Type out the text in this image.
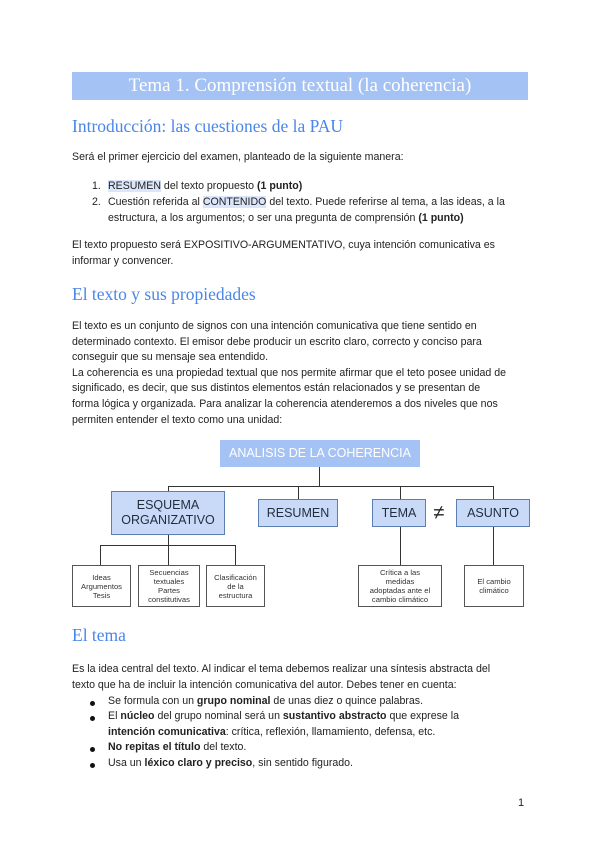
Tema 1. Comprensión textual (la coherencia)
Introducción: las cuestiones de la PAU
Será el primer ejercicio del examen, planteado de la siguiente manera:
1. RESUMEN del texto propuesto (1 punto)
2. Cuestión referida al CONTENIDO del texto. Puede referirse al tema, a las ideas, a la
estructura, a los argumentos; o ser una pregunta de comprensión (1 punto)
El texto propuesto será EXPOSITIVO-ARGUMENTATIVO, cuya intención comunicativa es
informar y convencer.
El texto y sus propiedades
El texto es un conjunto de signos con una intención comunicativa que tiene sentido en
determinado contexto. El emisor debe producir un escrito claro, correcto y conciso para
conseguir que su mensaje sea entendido.
La coherencia es una propiedad textual que nos permite afirmar que el teto posee unidad de
significado, es decir, que sus distintos elementos están relacionados y se presentan de
forma lógica y organizada. Para analizar la coherencia atenderemos a dos niveles que nos
permiten entender el texto como una unidad:
ANALISIS DE LA COHERENCIA
ESQUEMA
ORGANIZATIVO
RESUMEN	TEMA ≠	ASUNTO
Ideas
Argumentos
Tesis
Secuencias
textuales
Partes
constitutivas
Clasificación
de la
estructura
Crítica a las
medidas
adoptadas ante el
cambio climático
El cambio
climático
El tema
Es la idea central del texto. Al indicar el tema debemos realizar una síntesis abstracta del
texto que ha de incluir la intención comunicativa del autor. Debes tener en cuenta:
Se formula con un grupo nominal de unas diez o quince palabras.
El núcleo del grupo nominal será un sustantivo abstracto que exprese la
intención comunicativa: crítica, reflexión, llamamiento, defensa, etc.
No repitas el título del texto.
Usa un léxico claro y preciso, sin sentido figurado.
1
